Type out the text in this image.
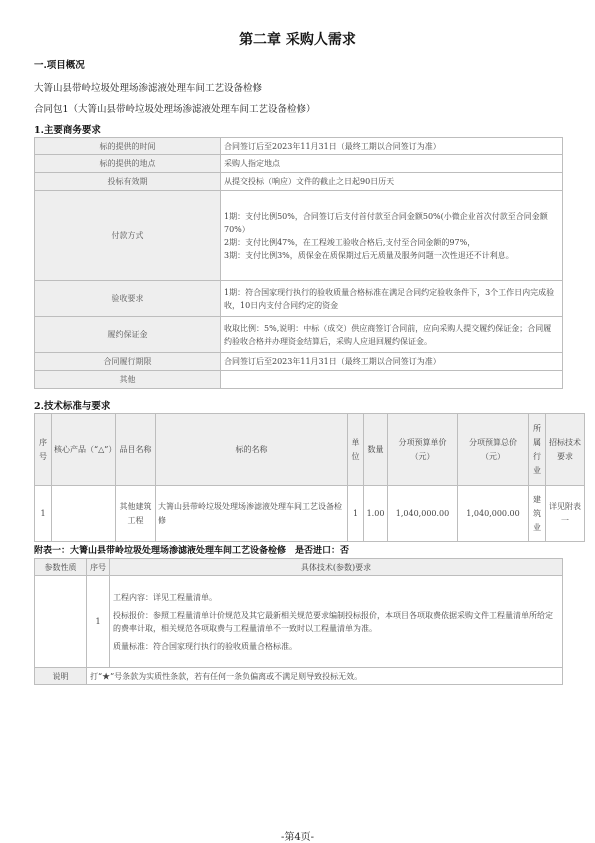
第二章 采购人需求
一.项目概况
大箐山县带岭垃圾处理场渗滤液处理车间工艺设备检修
合同包1（大箐山县带岭垃圾处理场渗滤液处理车间工艺设备检修）
1.主要商务要求
标的提供的时间	合同签订后至2023年11月31日（最终工期以合同签订为准）
标的提供的地点	采购人指定地点
投标有效期	从提交投标（响应）文件的截止之日起90日历天
付款方式	1期：支付比例50%，合同签订后支付首付款至合同金额50%(小微企业首次付款至合同金额70%）
2期：支付比例47%，在工程竣工验收合格后,支付至合同金额的97%，
3期：支付比例3%，质保金在质保期过后无质量及服务问题一次性退还不计利息。

验收要求	1期：符合国家现行执行的验收质量合格标准在满足合同约定验收条件下，3个工作日内完成验收，10日内支付合同约定的资金
履约保证金	收取比例：5%,说明：中标（成交）供应商签订合同前，应向采购人提交履约保证金；合同履约验收合格并办理资金结算后，采购人应退回履约保证金。
合同履行期限	合同签订后至2023年11月31日（最终工期以合同签订为准）
其他	
2.技术标准与要求
序号	核心产品（“△”）	品目名称	标的名称	单位	数量	分项预算单价（元）	分项预算总价（元）	所属行业	招标技术要求
1		其他建筑工程	大箐山县带岭垃圾处理场渗滤液处理车间工艺设备检修	1	1.00	1,040,000.00	1,040,000.00	建筑业	详见附表一
附表一：大箐山县带岭垃圾处理场渗滤液处理车间工艺设备检修　是否进口：否
参数性质	序号	具体技术(参数)要求
	1	工程内容：详见工程量清单。

投标报价：参照工程量清单计价规范及其它最新相关规范要求编制投标报价，本项目各项取费依据采购文件工程量清单所给定的费率计取，相关规范各项取费与工程量清单不一致时以工程量清单为准。

质量标准：符合国家现行执行的验收质量合格标准。

说明	打“★”号条款为实质性条款，若有任何一条负偏离或不满足则导致投标无效。	
-第4页-
